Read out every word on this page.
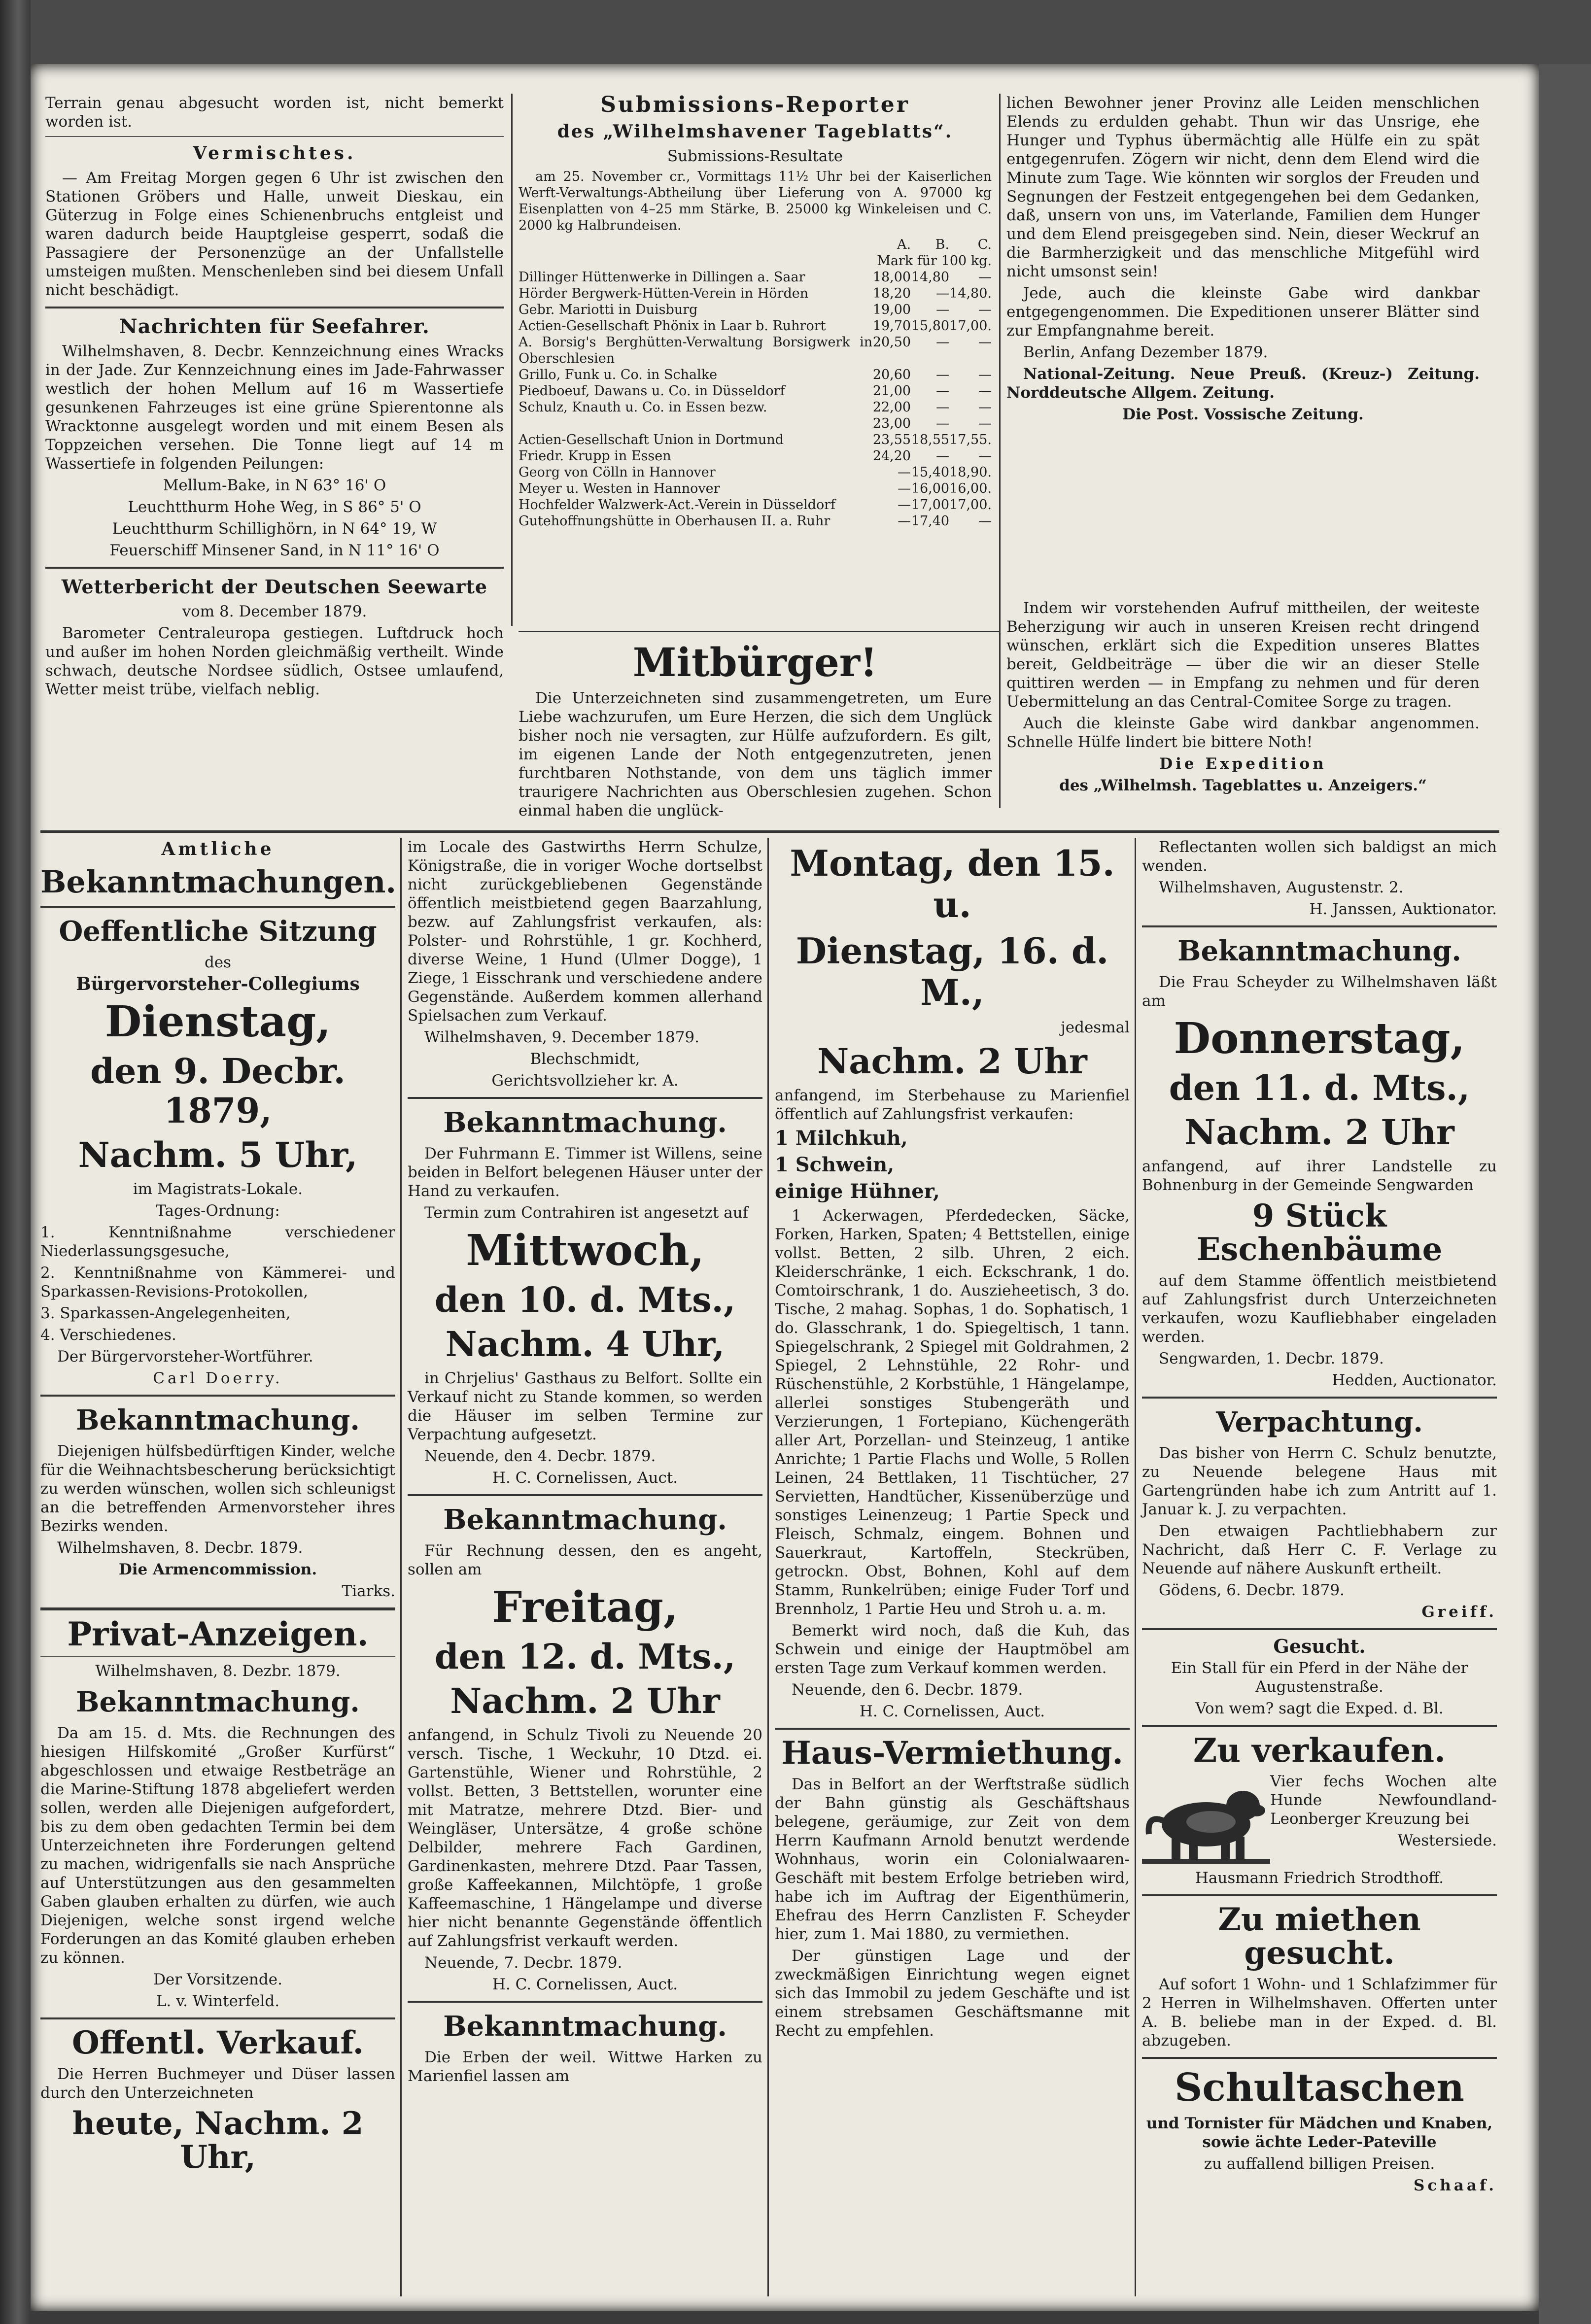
Terrain genau abgesucht worden ist, nicht bemerkt worden ist.

Vermischtes.

— Am Freitag Morgen gegen 6 Uhr ist zwischen den Stationen Gröbers und Halle, unweit Dieskau, ein Güterzug in Folge eines Schienenbruchs entgleist und waren dadurch beide Hauptgleise gesperrt, sodaß die Passagiere der Personenzüge an der Unfallstelle umsteigen mußten. Menschenleben sind bei diesem Unfall nicht beschädigt.

Nachrichten für Seefahrer.

Wilhelmshaven, 8. Decbr. Kennzeichnung eines Wracks in der Jade. Zur Kennzeichnung eines im Jade-Fahrwasser westlich der hohen Mellum auf 16 m Wassertiefe gesunkenen Fahrzeuges ist eine grüne Spierentonne als Wracktonne ausgelegt worden und mit einem Besen als Toppzeichen versehen. Die Tonne liegt auf 14 m Wassertiefe in folgenden Peilungen:

Mellum-Bake, in N 63° 16' O

Leuchtthurm Hohe Weg, in S 86° 5' O

Leuchtthurm Schillighörn, in N 64° 19, W

Feuerschiff Minsener Sand, in N 11° 16' O

Wetterbericht der Deutschen Seewarte

vom 8. December 1879.

Barometer Centraleuropa gestiegen. Luftdruck hoch und außer im hohen Norden gleichmäßig vertheilt. Winde schwach, deutsche Nordsee südlich, Ostsee umlaufend, Wetter meist trübe, vielfach neblig.

Submissions-Reporter
des „Wilhelmshavener Tageblatts“.

Submissions-Resultate

am 25. November cr., Vormittags 11½ Uhr bei der Kaiserlichen Werft-Verwaltungs-Abtheilung über Lieferung von A. 97000 kg Eisenplatten von 4–25 mm Stärke, B. 25000 kg Winkeleisen und C. 2000 kg Halbrundeisen.

	A.	B.	C.
Mark für 100 kg.			
Dillinger Hüttenwerke in Dillingen a. Saar	18,00	14,80	—
Hörder Bergwerk-Hütten-Verein in Hörden	18,20	—	14,80.
Gebr. Mariotti in Duisburg	19,00	—	—
Actien-Gesellschaft Phönix in Laar b. Ruhrort	19,70	15,80	17,00.
A. Borsig's Berghütten-Verwaltung Borsigwerk in Oberschlesien	20,50	—	—
Grillo, Funk u. Co. in Schalke	20,60	—	—
Piedboeuf, Dawans u. Co. in Düsseldorf	21,00	—	—
Schulz, Knauth u. Co. in Essen bezw.	22,00	—	—
	23,00	—	—
Actien-Gesellschaft Union in Dortmund	23,55	18,55	17,55.
Friedr. Krupp in Essen	24,20	—	—
Georg von Cölln in Hannover	—	15,40	18,90.
Meyer u. Westen in Hannover	—	16,00	16,00.
Hochfelder Walzwerk-Act.-Verein in Düsseldorf	—	17,00	17,00.
Gutehoffnungshütte in Oberhausen II. a. Ruhr	—	17,40	—

lichen Bewohner jener Provinz alle Leiden menschlichen Elends zu erdulden gehabt. Thun wir das Unsrige, ehe Hunger und Typhus übermächtig alle Hülfe ein zu spät entgegenrufen. Zögern wir nicht, denn dem Elend wird die Minute zum Tage. Wie könnten wir sorglos der Freuden und Segnungen der Festzeit entgegengehen bei dem Gedanken, daß, unsern von uns, im Vaterlande, Familien dem Hunger und dem Elend preisgegeben sind. Nein, dieser Weckruf an die Barmherzigkeit und das menschliche Mitgefühl wird nicht umsonst sein!

Jede, auch die kleinste Gabe wird dankbar entgegengenommen. Die Expeditionen unserer Blätter sind zur Empfangnahme bereit.

Berlin, Anfang Dezember 1879.

National-Zeitung. Neue Preuß. (Kreuz-) Zeitung. Norddeutsche Allgem. Zeitung.

Die Post. Vossische Zeitung.

Mitbürger!

Die Unterzeichneten sind zusammengetreten, um Eure Liebe wachzurufen, um Eure Herzen, die sich dem Unglück bisher noch nie versagten, zur Hülfe aufzufordern. Es gilt, im eigenen Lande der Noth entgegenzutreten, jenen furchtbaren Nothstande, von dem uns täglich immer traurigere Nachrichten aus Oberschlesien zugehen. Schon einmal haben die unglück-

Indem wir vorstehenden Aufruf mittheilen, der weiteste Beherzigung wir auch in unseren Kreisen recht dringend wünschen, erklärt sich die Expedition unseres Blattes bereit, Geldbeiträge — über die wir an dieser Stelle quittiren werden — in Empfang zu nehmen und für deren Uebermittelung an das Central-Comitee Sorge zu tragen.

Auch die kleinste Gabe wird dankbar angenommen. Schnelle Hülfe lindert bie bittere Noth!

Die Expedition

des „Wilhelmsh. Tageblattes u. Anzeigers.“

Amtliche
Bekanntmachungen.
Oeffentliche Sitzung

des

Bürgervorsteher-Collegiums

Dienstag,
den 9. Decbr. 1879,
Nachm. 5 Uhr,

im Magistrats-Lokale.

Tages-Ordnung:

1. Kenntnißnahme verschiedener Niederlassungsgesuche,

2. Kenntnißnahme von Kämmerei- und Sparkassen-Revisions-Protokollen,

3. Sparkassen-Angelegenheiten,

4. Verschiedenes.

Der Bürgervorsteher-Wortführer.

Carl Doerry.

Bekanntmachung.

Diejenigen hülfsbedürftigen Kinder, welche für die Weihnachtsbescherung berücksichtigt zu werden wünschen, wollen sich schleunigst an die betreffenden Armenvorsteher ihres Bezirks wenden.

Wilhelmshaven, 8. Decbr. 1879.

Die Armencommission.

Tiarks.

Privat-Anzeigen.

Wilhelmshaven, 8. Dezbr. 1879.

Bekanntmachung.

Da am 15. d. Mts. die Rechnungen des hiesigen Hilfskomité „Großer Kurfürst“ abgeschlossen und etwaige Restbeträge an die Marine-Stiftung 1878 abgeliefert werden sollen, werden alle Diejenigen aufgefordert, bis zu dem oben gedachten Termin bei dem Unterzeichneten ihre Forderungen geltend zu machen, widrigenfalls sie nach Ansprüche auf Unterstützungen aus den gesammelten Gaben glauben erhalten zu dürfen, wie auch Diejenigen, welche sonst irgend welche Forderungen an das Komité glauben erheben zu können.

Der Vorsitzende.

L. v. Winterfeld.

Offentl. Verkauf.

Die Herren Buchmeyer und Düser lassen durch den Unterzeichneten

heute, Nachm. 2 Uhr,

im Locale des Gastwirths Herrn Schulze, Königstraße, die in voriger Woche dortselbst nicht zurückgebliebenen Gegenstände öffentlich meistbietend gegen Baarzahlung, bezw. auf Zahlungsfrist verkaufen, als: Polster- und Rohrstühle, 1 gr. Kochherd, diverse Weine, 1 Hund (Ulmer Dogge), 1 Ziege, 1 Eisschrank und verschiedene andere Gegenstände. Außerdem kommen allerhand Spielsachen zum Verkauf.

Wilhelmshaven, 9. December 1879.

Blechschmidt,

Gerichtsvollzieher kr. A.

Bekanntmachung.

Der Fuhrmann E. Timmer ist Willens, seine beiden in Belfort belegenen Häuser unter der Hand zu verkaufen.

Termin zum Contrahiren ist angesetzt auf

Mittwoch,
den 10. d. Mts.,
Nachm. 4 Uhr,

in Chrjelius' Gasthaus zu Belfort. Sollte ein Verkauf nicht zu Stande kommen, so werden die Häuser im selben Termine zur Verpachtung aufgesetzt.

Neuende, den 4. Decbr. 1879.

H. C. Cornelissen, Auct.

Bekanntmachung.

Für Rechnung dessen, den es angeht, sollen am

Freitag,
den 12. d. Mts.,
Nachm. 2 Uhr

anfangend, in Schulz Tivoli zu Neuende 20 versch. Tische, 1 Weckuhr, 10 Dtzd. ei. Gartenstühle, Wiener und Rohrstühle, 2 vollst. Betten, 3 Bettstellen, worunter eine mit Matratze, mehrere Dtzd. Bier- und Weingläser, Untersätze, 4 große schöne Delbilder, mehrere Fach Gardinen, Gardinenkasten, mehrere Dtzd. Paar Tassen, große Kaffeekannen, Milchtöpfe, 1 große Kaffeemaschine, 1 Hängelampe und diverse hier nicht benannte Gegenstände öffentlich auf Zahlungsfrist verkauft werden.

Neuende, 7. Decbr. 1879.

H. C. Cornelissen, Auct.

Bekanntmachung.

Die Erben der weil. Wittwe Harken zu Marienfiel lassen am

Montag, den 15. u.
Dienstag, 16. d. M.,

jedesmal

Nachm. 2 Uhr

anfangend, im Sterbehause zu Marienfiel öffentlich auf Zahlungsfrist verkaufen:

1 Milchkuh,

1 Schwein,

einige Hühner,

1 Ackerwagen, Pferdedecken, Säcke, Forken, Harken, Spaten; 4 Bettstellen, einige vollst. Betten, 2 silb. Uhren, 2 eich. Kleiderschränke, 1 eich. Eckschrank, 1 do. Comtoirschrank, 1 do. Auszieheetisch, 3 do. Tische, 2 mahag. Sophas, 1 do. Sophatisch, 1 do. Glasschrank, 1 do. Spiegeltisch, 1 tann. Spiegelschrank, 2 Spiegel mit Goldrahmen, 2 Spiegel, 2 Lehnstühle, 22 Rohr- und Rüschenstühle, 2 Korbstühle, 1 Hängelampe, allerlei sonstiges Stubengeräth und Verzierungen, 1 Fortepiano, Küchengeräth aller Art, Porzellan- und Steinzeug, 1 antike Anrichte; 1 Partie Flachs und Wolle, 5 Rollen Leinen, 24 Bettlaken, 11 Tischtücher, 27 Servietten, Handtücher, Kissenüberzüge und sonstiges Leinenzeug; 1 Partie Speck und Fleisch, Schmalz, eingem. Bohnen und Sauerkraut, Kartoffeln, Steckrüben, getrockn. Obst, Bohnen, Kohl auf dem Stamm, Runkelrüben; einige Fuder Torf und Brennholz, 1 Partie Heu und Stroh u. a. m.

Bemerkt wird noch, daß die Kuh, das Schwein und einige der Hauptmöbel am ersten Tage zum Verkauf kommen werden.

Neuende, den 6. Decbr. 1879.

H. C. Cornelissen, Auct.

Haus-Vermiethung.

Das in Belfort an der Werftstraße südlich der Bahn günstig als Geschäftshaus belegene, geräumige, zur Zeit von dem Herrn Kaufmann Arnold benutzt werdende Wohnhaus, worin ein Colonialwaaren-Geschäft mit bestem Erfolge betrieben wird, habe ich im Auftrag der Eigenthümerin, Ehefrau des Herrn Canzlisten F. Scheyder hier, zum 1. Mai 1880, zu vermiethen.

Der günstigen Lage und der zweckmäßigen Einrichtung wegen eignet sich das Immobil zu jedem Geschäfte und ist einem strebsamen Geschäftsmanne mit Recht zu empfehlen.

Reflectanten wollen sich baldigst an mich wenden.

Wilhelmshaven, Augustenstr. 2.

H. Janssen, Auktionator.

Bekanntmachung.

Die Frau Scheyder zu Wilhelmshaven läßt am

Donnerstag,
den 11. d. Mts.,
Nachm. 2 Uhr

anfangend, auf ihrer Landstelle zu Bohnenburg in der Gemeinde Sengwarden

9 Stück Eschenbäume

auf dem Stamme öffentlich meistbietend auf Zahlungsfrist durch Unterzeichneten verkaufen, wozu Kaufliebhaber eingeladen werden.

Sengwarden, 1. Decbr. 1879.

Hedden, Auctionator.

Verpachtung.

Das bisher von Herrn C. Schulz benutzte, zu Neuende belegene Haus mit Gartengründen habe ich zum Antritt auf 1. Januar k. J. zu verpachten.

Den etwaigen Pachtliebhabern zur Nachricht, daß Herr C. F. Verlage zu Neuende auf nähere Auskunft ertheilt.

Gödens, 6. Decbr. 1879.

Greiff.

Gesucht.

Ein Stall für ein Pferd in der Nähe der Augustenstraße.

Von wem? sagt die Exped. d. Bl.

Zu verkaufen.

Vier fechs Wochen alte Hunde Newfoundland-Leonberger Kreuzung bei

Westersiede.

Hausmann Friedrich Strodthoff.

Zu miethen gesucht.

Auf sofort 1 Wohn- und 1 Schlafzimmer für 2 Herren in Wilhelmshaven. Offerten unter A. B. beliebe man in der Exped. d. Bl. abzugeben.

Schultaschen

und Tornister für Mädchen und Knaben, sowie ächte Leder-Pateville

zu auffallend billigen Preisen.

Schaaf.
